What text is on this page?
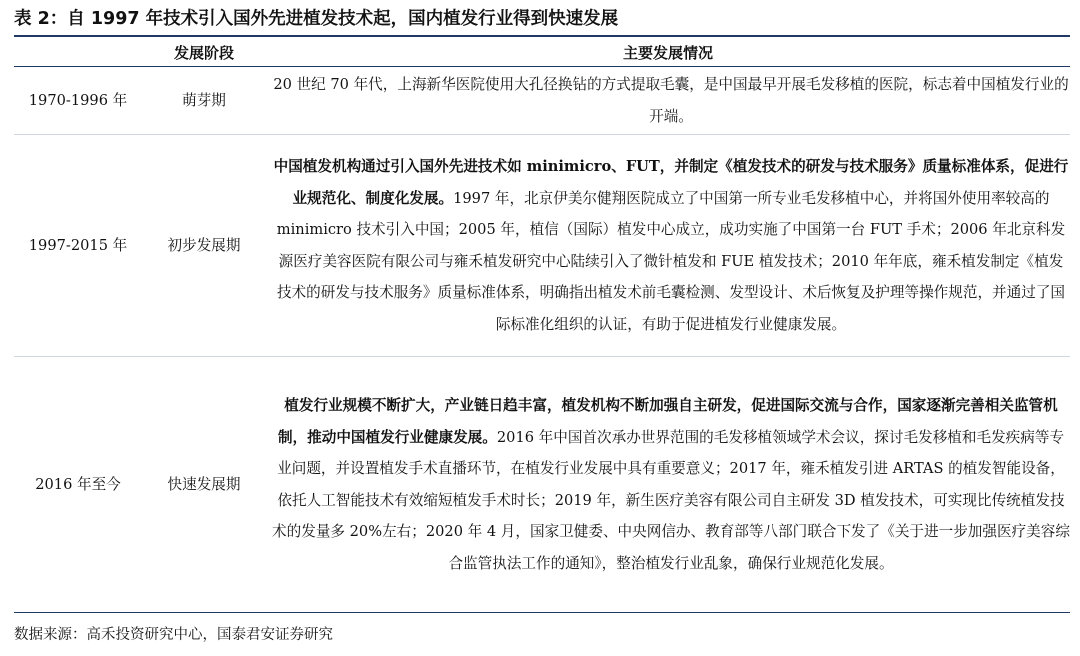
表 2：自 1997 年技术引入国外先进植发技术起，国内植发行业得到快速发展
	发展阶段	主要发展情况
1970-1996 年	萌芽期	20 世纪 70 年代，上海新华医院使用大孔径换钻的方式提取毛囊，是中国最早开展毛发移植的医院，标志着中国植发行业的开端。
1997-2015 年	初步发展期	中国植发机构通过引入国外先进技术如 minimicro、FUT，并制定《植发技术的研发与技术服务》质量标准体系，促进行业规范化、制度化发展。1997 年，北京伊美尔健翔医院成立了中国第一所专业毛发移植中心，并将国外使用率较高的 minimicro 技术引入中国；2005 年，植信（国际）植发中心成立，成功实施了中国第一台 FUT 手术；2006 年北京科发源医疗美容医院有限公司与雍禾植发研究中心陆续引入了微针植发和 FUE 植发技术；2010 年年底，雍禾植发制定《植发技术的研发与技术服务》质量标准体系，明确指出植发术前毛囊检测、发型设计、术后恢复及护理等操作规范，并通过了国际标准化组织的认证，有助于促进植发行业健康发展。
2016 年至今	快速发展期	植发行业规模不断扩大，产业链日趋丰富，植发机构不断加强自主研发，促进国际交流与合作，国家逐渐完善相关监管机制，推动中国植发行业健康发展。2016 年中国首次承办世界范围的毛发移植领域学术会议，探讨毛发移植和毛发疾病等专业问题，并设置植发手术直播环节，在植发行业发展中具有重要意义；2017 年，雍禾植发引进 ARTAS 的植发智能设备，依托人工智能技术有效缩短植发手术时长；2019 年，新生医疗美容有限公司自主研发 3D 植发技术，可实现比传统植发技术的发量多 20%左右；2020 年 4 月，国家卫健委、中央网信办、教育部等八部门联合下发了《关于进一步加强医疗美容综合监管执法工作的通知》，整治植发行业乱象，确保行业规范化发展。
数据来源：高禾投资研究中心，国泰君安证券研究
